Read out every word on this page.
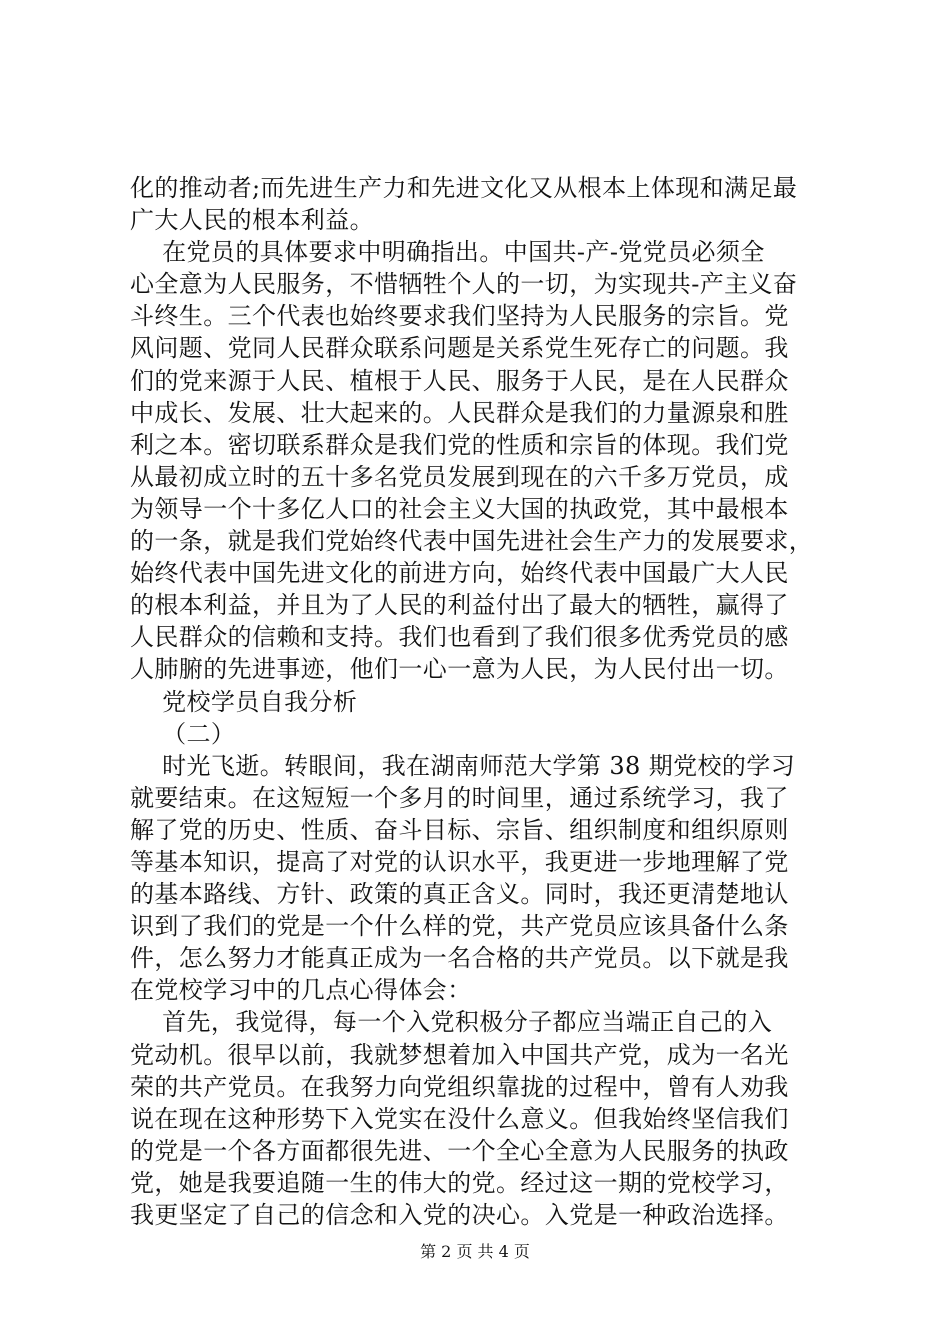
化的推动者;而先进生产力和先进文化又从根本上体现和满足最
广大人民的根本利益。
在党员的具体要求中明确指出。中国共-产-党党员必须全
心全意为人民服务，不惜牺牲个人的一切，为实现共-产主义奋
斗终生。三个代表也始终要求我们坚持为人民服务的宗旨。党
风问题、党同人民群众联系问题是关系党生死存亡的问题。我
们的党来源于人民、植根于人民、服务于人民，是在人民群众
中成长、发展、壮大起来的。人民群众是我们的力量源泉和胜
利之本。密切联系群众是我们党的性质和宗旨的体现。我们党
从最初成立时的五十多名党员发展到现在的六千多万党员，成
为领导一个十多亿人口的社会主义大国的执政党，其中最根本
的一条，就是我们党始终代表中国先进社会生产力的发展要求，
始终代表中国先进文化的前进方向，始终代表中国最广大人民
的根本利益，并且为了人民的利益付出了最大的牺牲，赢得了
人民群众的信赖和支持。我们也看到了我们很多优秀党员的感
人肺腑的先进事迹，他们一心一意为人民，为人民付出一切。
党校学员自我分析
（二）
时光飞逝。转眼间，我在湖南师范大学第 38 期党校的学习
就要结束。在这短短一个多月的时间里，通过系统学习，我了
解了党的历史、性质、奋斗目标、宗旨、组织制度和组织原则
等基本知识，提高了对党的认识水平，我更进一步地理解了党
的基本路线、方针、政策的真正含义。同时，我还更清楚地认
识到了我们的党是一个什么样的党，共产党员应该具备什么条
件，怎么努力才能真正成为一名合格的共产党员。以下就是我
在党校学习中的几点心得体会：
首先，我觉得，每一个入党积极分子都应当端正自己的入
党动机。很早以前，我就梦想着加入中国共产党，成为一名光
荣的共产党员。在我努力向党组织靠拢的过程中，曾有人劝我
说在现在这种形势下入党实在没什么意义。但我始终坚信我们
的党是一个各方面都很先进、一个全心全意为人民服务的执政
党，她是我要追随一生的伟大的党。经过这一期的党校学习，
我更坚定了自己的信念和入党的决心。入党是一种政治选择。
第 2 页 共 4 页
